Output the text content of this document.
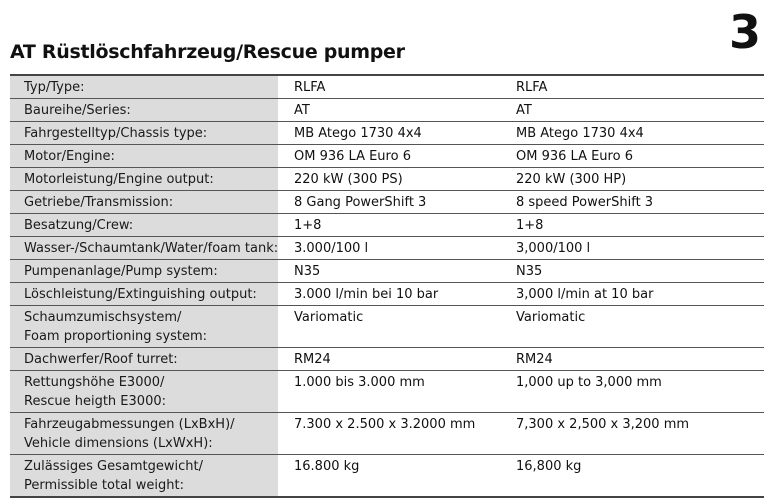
3
AT Rüstlöschfahrzeug/Rescue pumper
Typ/Type:	RLFA	RLFA

Baureihe/Series:	AT	AT

Fahrgestelltyp/Chassis type:	MB Atego 1730 4x4	MB Atego 1730 4x4

Motor/Engine:	OM 936 LA Euro 6	OM 936 LA Euro 6

Motorleistung/Engine output:	220 kW (300 PS)	220 kW (300 HP)

Getriebe/Transmission:	8 Gang PowerShift 3	8 speed PowerShift 3

Besatzung/Crew:	1+8	1+8

Wasser-/Schaumtank/Water/foam tank:	3.000/100 l	3,000/100 l

Pumpenanlage/Pump system:	N35	N35

Löschleistung/Extinguishing output:	3.000 l/min bei 10 bar	3,000 l/min at 10 bar

Schaumzumischsystem/
Foam proportioning system:	Variomatic	Variomatic

Dachwerfer/Roof turret:	RM24	RM24

Rettungshöhe E3000/
Rescue heigth E3000:	1.000 bis 3.000 mm	1,000 up to 3,000 mm

Fahrzeugabmessungen (LxBxH)/
Vehicle dimensions (LxWxH):	7.300 x 2.500 x 3.2000 mm	7,300 x 2,500 x 3,200 mm

Zulässiges Gesamtgewicht/
Permissible total weight:	16.800 kg	16,800 kg
